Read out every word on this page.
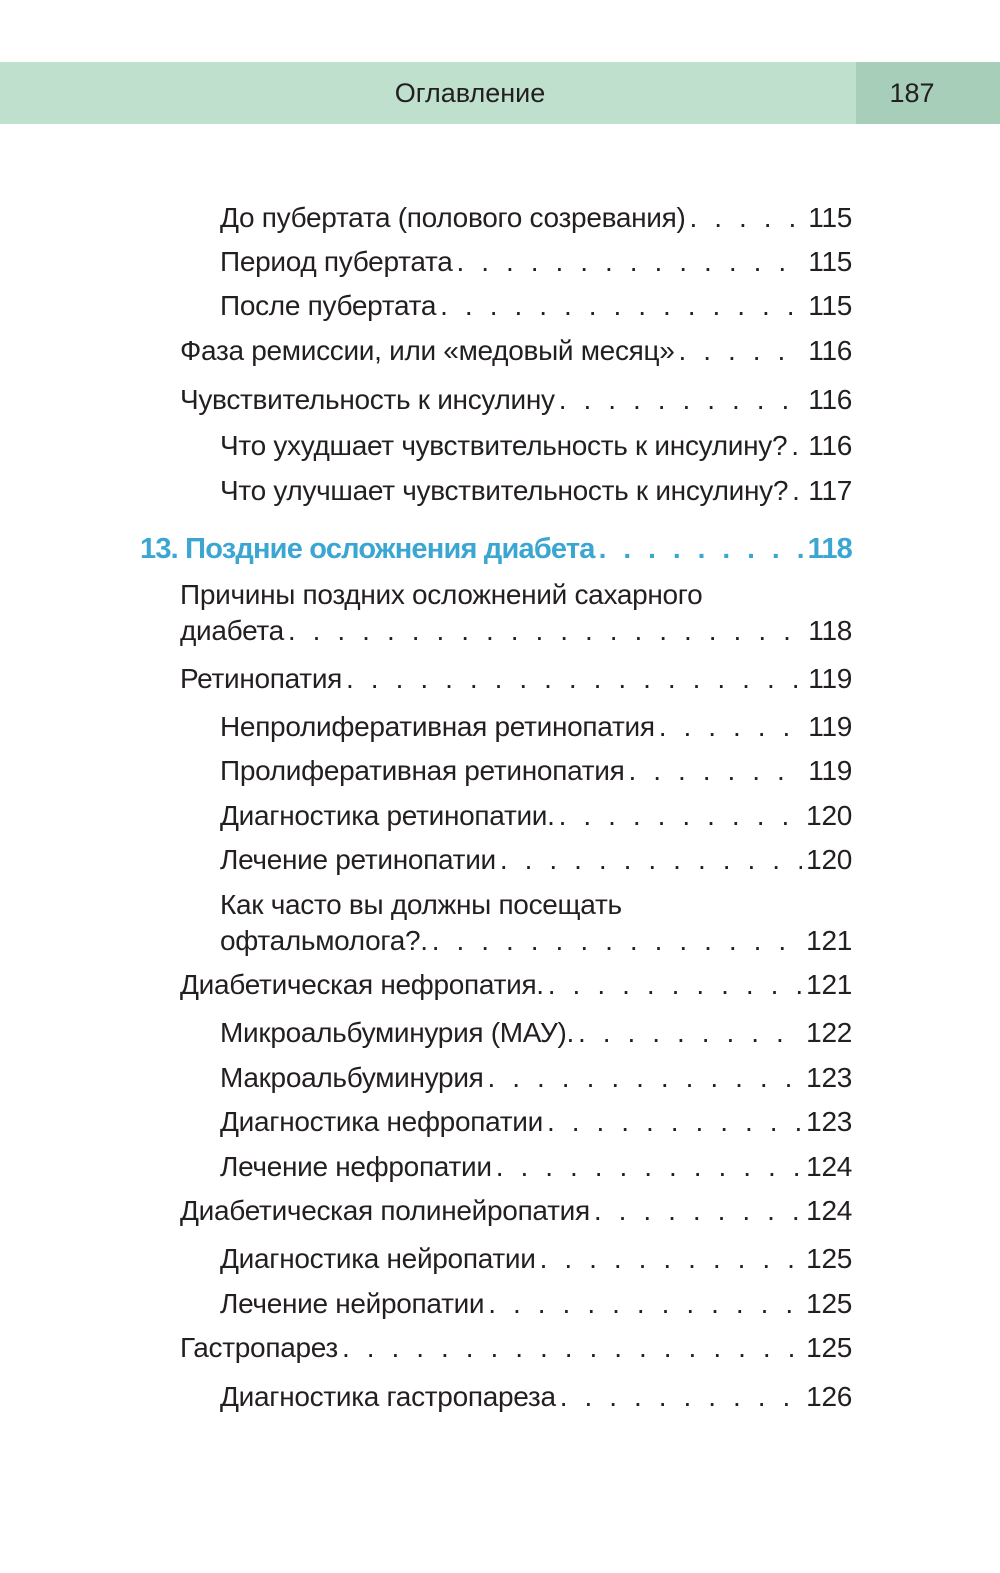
Оглавление	187
До пубертата (полового созревания) . . .	115
Период пубертата . . .	115
После пубертата . . .	115
Фаза ремиссии, или «медовый месяц» . . .	116
Чувствительность к инсулину . . .	116
Что ухудшает чувствительность к инсулину? . . . 116
Что улучшает чувствительность к инсулину? . . . 117
13. Поздние осложнения диабета . . .	118
Причины поздних осложнений сахарного
диабета . . .	118
Ретинопатия . . .	119
Непролиферативная ретинопатия . . .	119
Пролиферативная ретинопатия . . .	119
Диагностика ретинопатии. . . .	120
Лечение ретинопатии . . .	120
Как часто вы должны посещать
офтальмолога?. . . .	121
Диабетическая нефропатия. . . .	121
Микроальбуминурия (МАУ). . . .	122
Макроальбуминурия . . .	123
Диагностика нефропатии . . .	123
Лечение нефропатии . . .	124
Диабетическая полинейропатия . . .	124
Диагностика нейропатии . . .	125
Лечение нейропатии . . .	125
Гастропарез . . .	125
Диагностика гастропареза . . .	126
